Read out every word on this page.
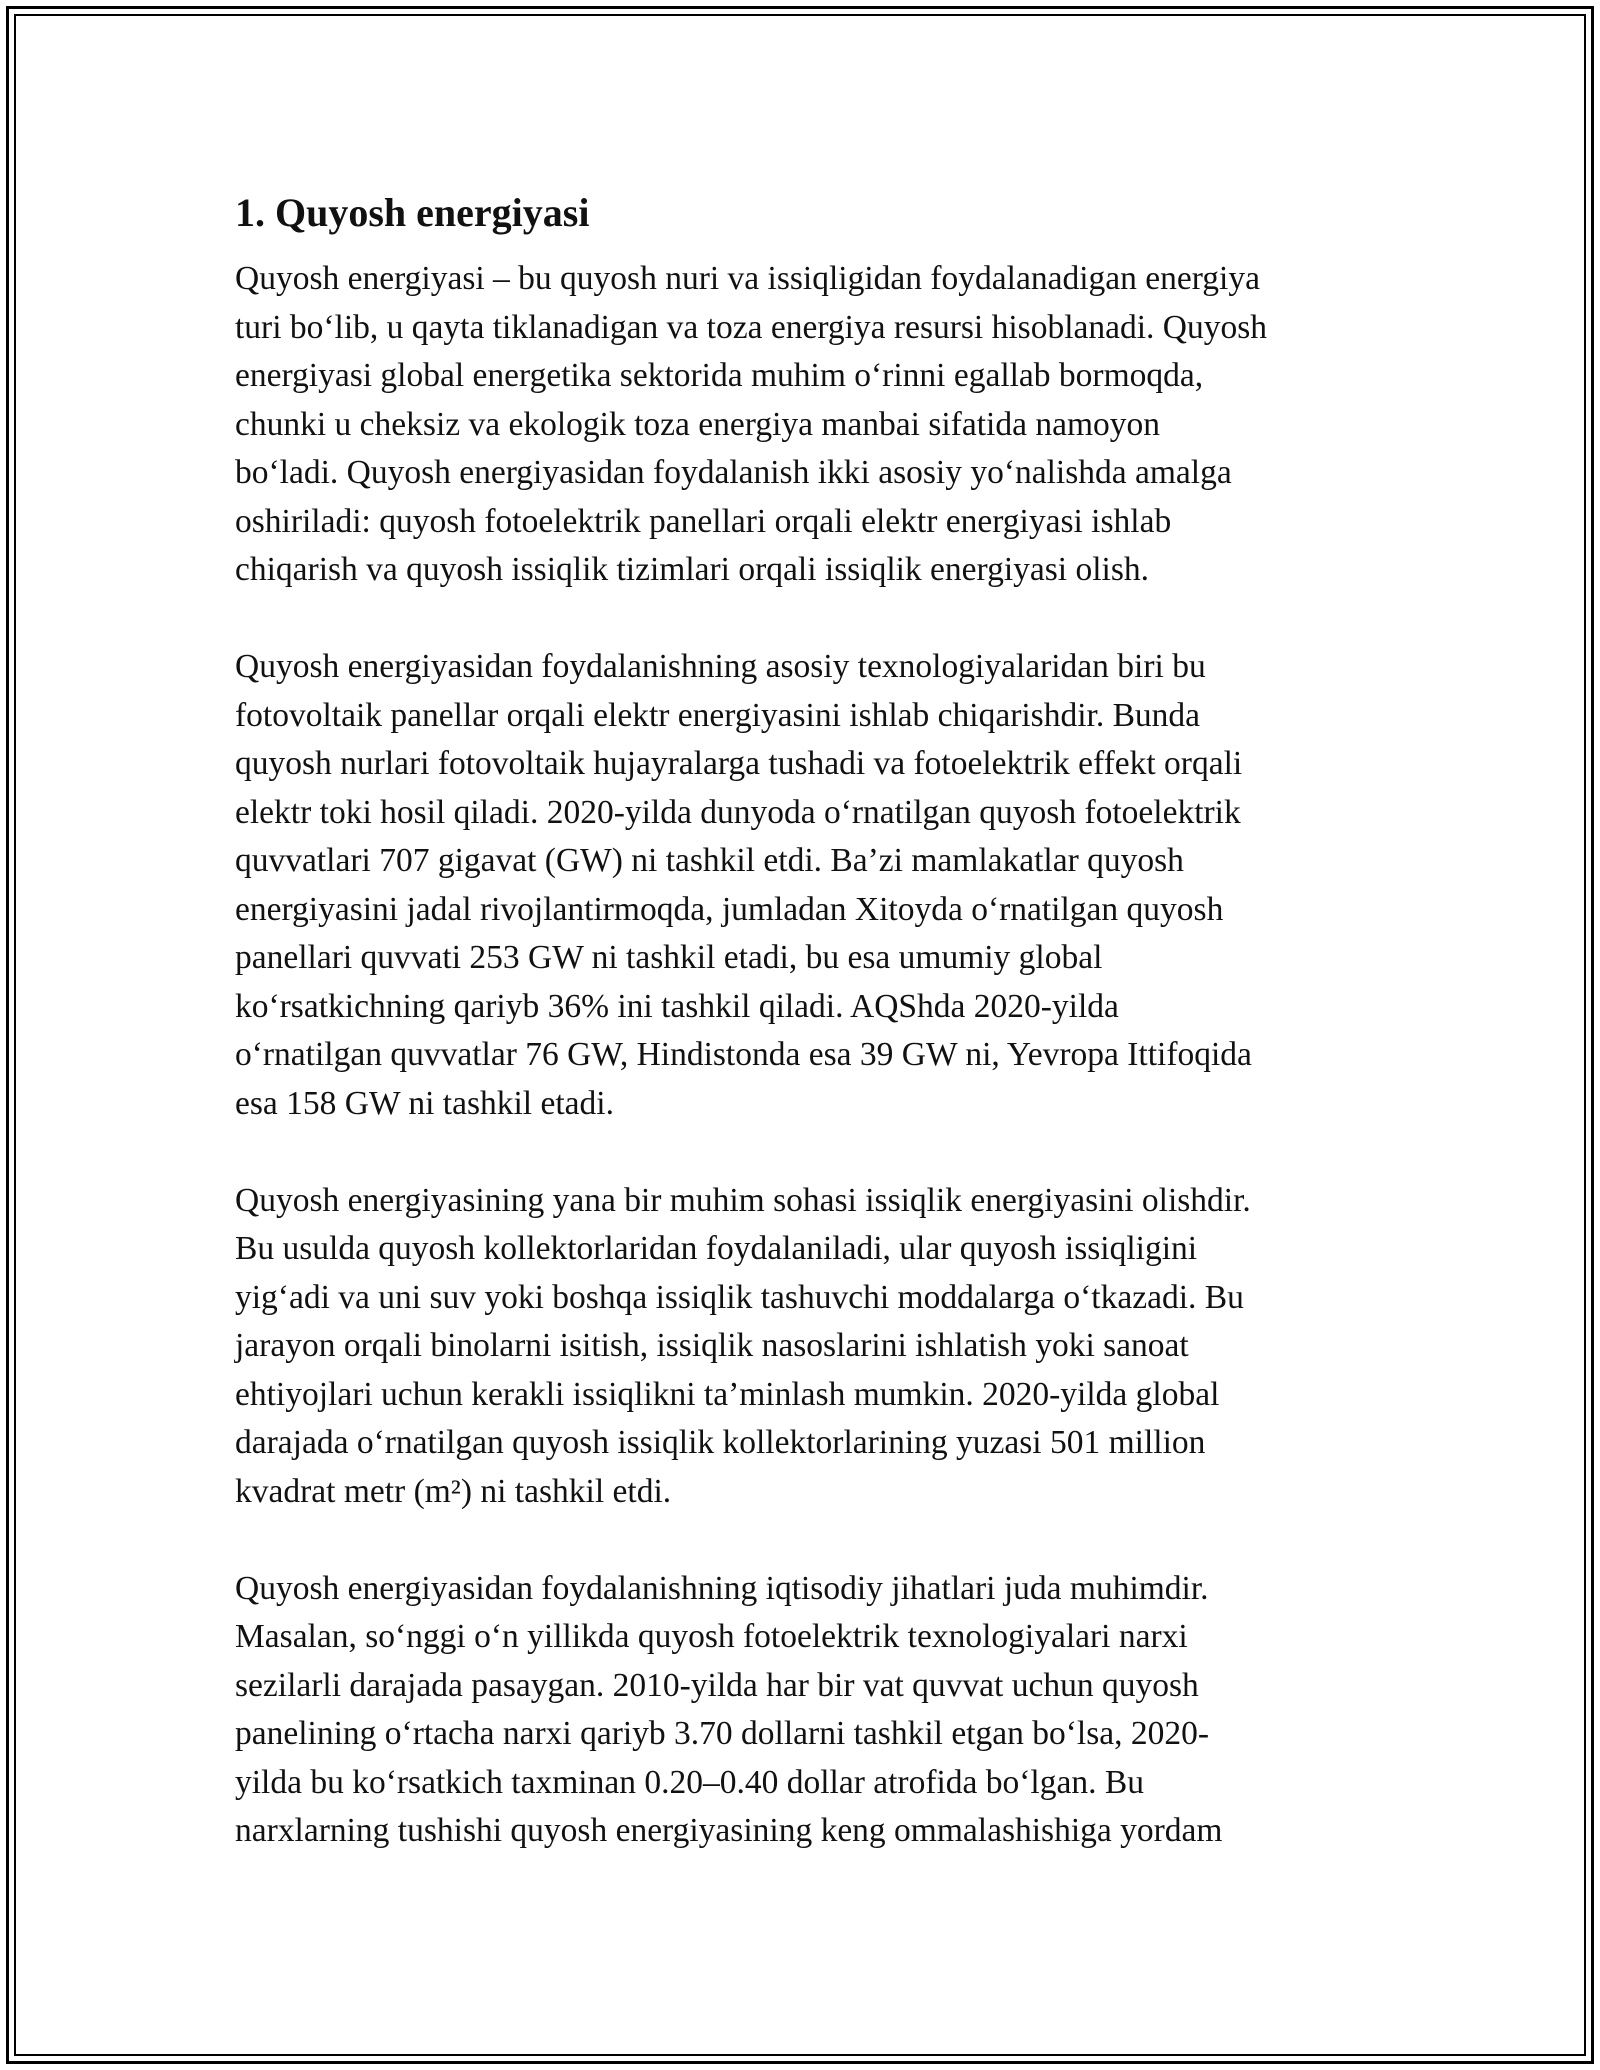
1. Quyosh energiyasi

Quyosh energiyasi – bu quyosh nuri va issiqligidan foydalanadigan energiya
turi bo‘lib, u qayta tiklanadigan va toza energiya resursi hisoblanadi. Quyosh
energiyasi global energetika sektorida muhim o‘rinni egallab bormoqda,
chunki u cheksiz va ekologik toza energiya manbai sifatida namoyon
bo‘ladi. Quyosh energiyasidan foydalanish ikki asosiy yo‘nalishda amalga
oshiriladi: quyosh fotoelektrik panellari orqali elektr energiyasi ishlab
chiqarish va quyosh issiqlik tizimlari orqali issiqlik energiyasi olish.

Quyosh energiyasidan foydalanishning asosiy texnologiyalaridan biri bu
fotovoltaik panellar orqali elektr energiyasini ishlab chiqarishdir. Bunda
quyosh nurlari fotovoltaik hujayralarga tushadi va fotoelektrik effekt orqali
elektr toki hosil qiladi. 2020-yilda dunyoda o‘rnatilgan quyosh fotoelektrik
quvvatlari 707 gigavat (GW) ni tashkil etdi. Ba’zi mamlakatlar quyosh
energiyasini jadal rivojlantirmoqda, jumladan Xitoyda o‘rnatilgan quyosh
panellari quvvati 253 GW ni tashkil etadi, bu esa umumiy global
ko‘rsatkichning qariyb 36% ini tashkil qiladi. AQShda 2020-yilda
o‘rnatilgan quvvatlar 76 GW, Hindistonda esa 39 GW ni, Yevropa Ittifoqida
esa 158 GW ni tashkil etadi.

Quyosh energiyasining yana bir muhim sohasi issiqlik energiyasini olishdir.
Bu usulda quyosh kollektorlaridan foydalaniladi, ular quyosh issiqligini
yig‘adi va uni suv yoki boshqa issiqlik tashuvchi moddalarga o‘tkazadi. Bu
jarayon orqali binolarni isitish, issiqlik nasoslarini ishlatish yoki sanoat
ehtiyojlari uchun kerakli issiqlikni ta’minlash mumkin. 2020-yilda global
darajada o‘rnatilgan quyosh issiqlik kollektorlarining yuzasi 501 million
kvadrat metr (m²) ni tashkil etdi.

Quyosh energiyasidan foydalanishning iqtisodiy jihatlari juda muhimdir.
Masalan, so‘nggi o‘n yillikda quyosh fotoelektrik texnologiyalari narxi
sezilarli darajada pasaygan. 2010-yilda har bir vat quvvat uchun quyosh
panelining o‘rtacha narxi qariyb 3.70 dollarni tashkil etgan bo‘lsa, 2020-
yilda bu ko‘rsatkich taxminan 0.20–0.40 dollar atrofida bo‘lgan. Bu
narxlarning tushishi quyosh energiyasining keng ommalashishiga yordam
